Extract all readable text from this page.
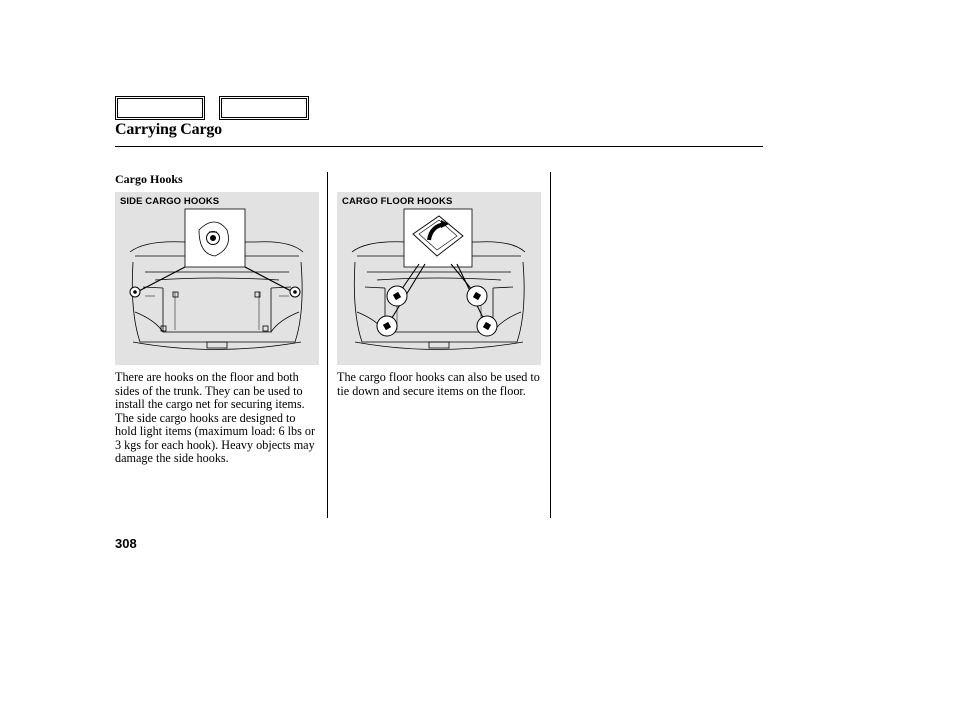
Carrying Cargo
Cargo Hooks
SIDE CARGO HOOKS	CARGO FLOOR HOOKS
There are hooks on the floor and both sides of the trunk. They can be used to install the cargo net for securing items. The side cargo hooks are designed to hold light items (maximum load: 6 lbs or 3 kgs for each hook). Heavy objects may damage the side hooks.
The cargo floor hooks can also be used to tie down and secure items on the floor.
308
